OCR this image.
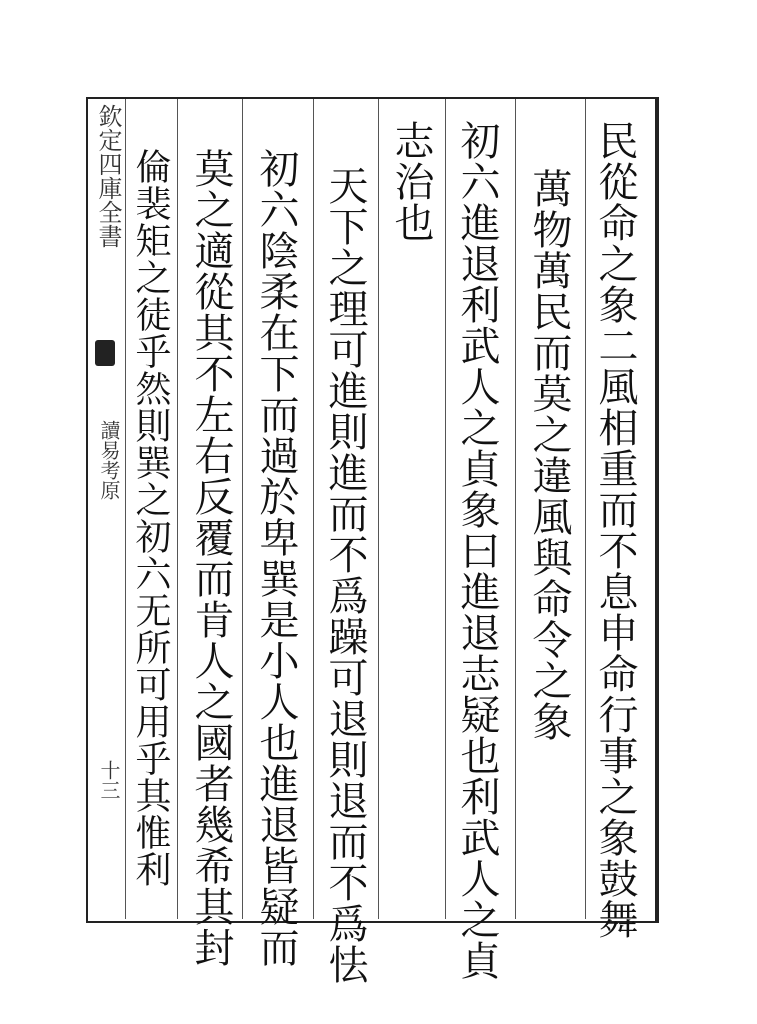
欽定四庫全書
讀易考原
十三	民從命之象二風相重而不息申命行事之象鼓舞
萬物萬民而莫之違風與命令之象
初六進退利武人之貞象曰進退志疑也利武人之貞
志治也
天下之理可進則進而不爲躁可退則退而不爲怯
初六陰柔在下而過於卑巽是小人也進退皆疑而
莫之適從其不左右反覆而肯人之國者幾希其封
倫裴矩之徒乎然則巽之初六无所可用乎其惟利
